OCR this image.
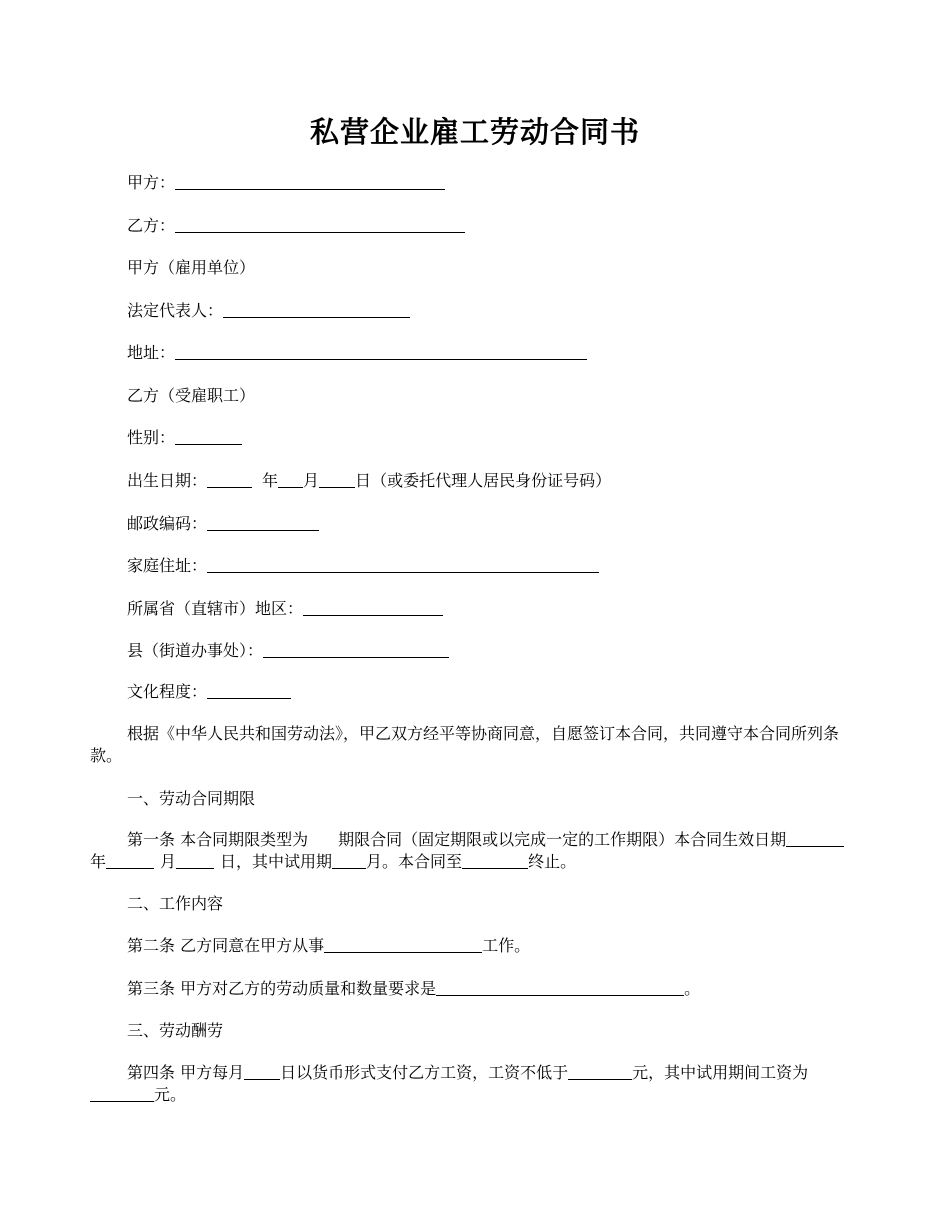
私营企业雇工劳动合同书
甲方：
乙方：
甲方（雇用单位）
法定代表人：
地址：
乙方（受雇职工）
性别：
出生日期：	年 月 日（或委托代理人居民身份证号码）
邮政编码：
家庭住址：
所属省（直辖市）地区：
县（街道办事处）：
文化程度：
根据《中华人民共和国劳动法》，甲乙双方经平等协商同意，自愿签订本合同，共同遵守本合同所列条款。
一、劳动合同期限
第一条 本合同期限类型为 期限合同（固定期限或以完成一定的工作期限）本合同生效日期年	月	日，其中试用期 月。本合同至	终止。
二、工作内容
第二条 乙方同意在甲方从事	工作。
第三条 甲方对乙方的劳动质量和数量要求是	。
三、劳动酬劳
第四条 甲方每月 日以货币形式支付乙方工资，工资不低于	元，其中试用期间工资为元。
